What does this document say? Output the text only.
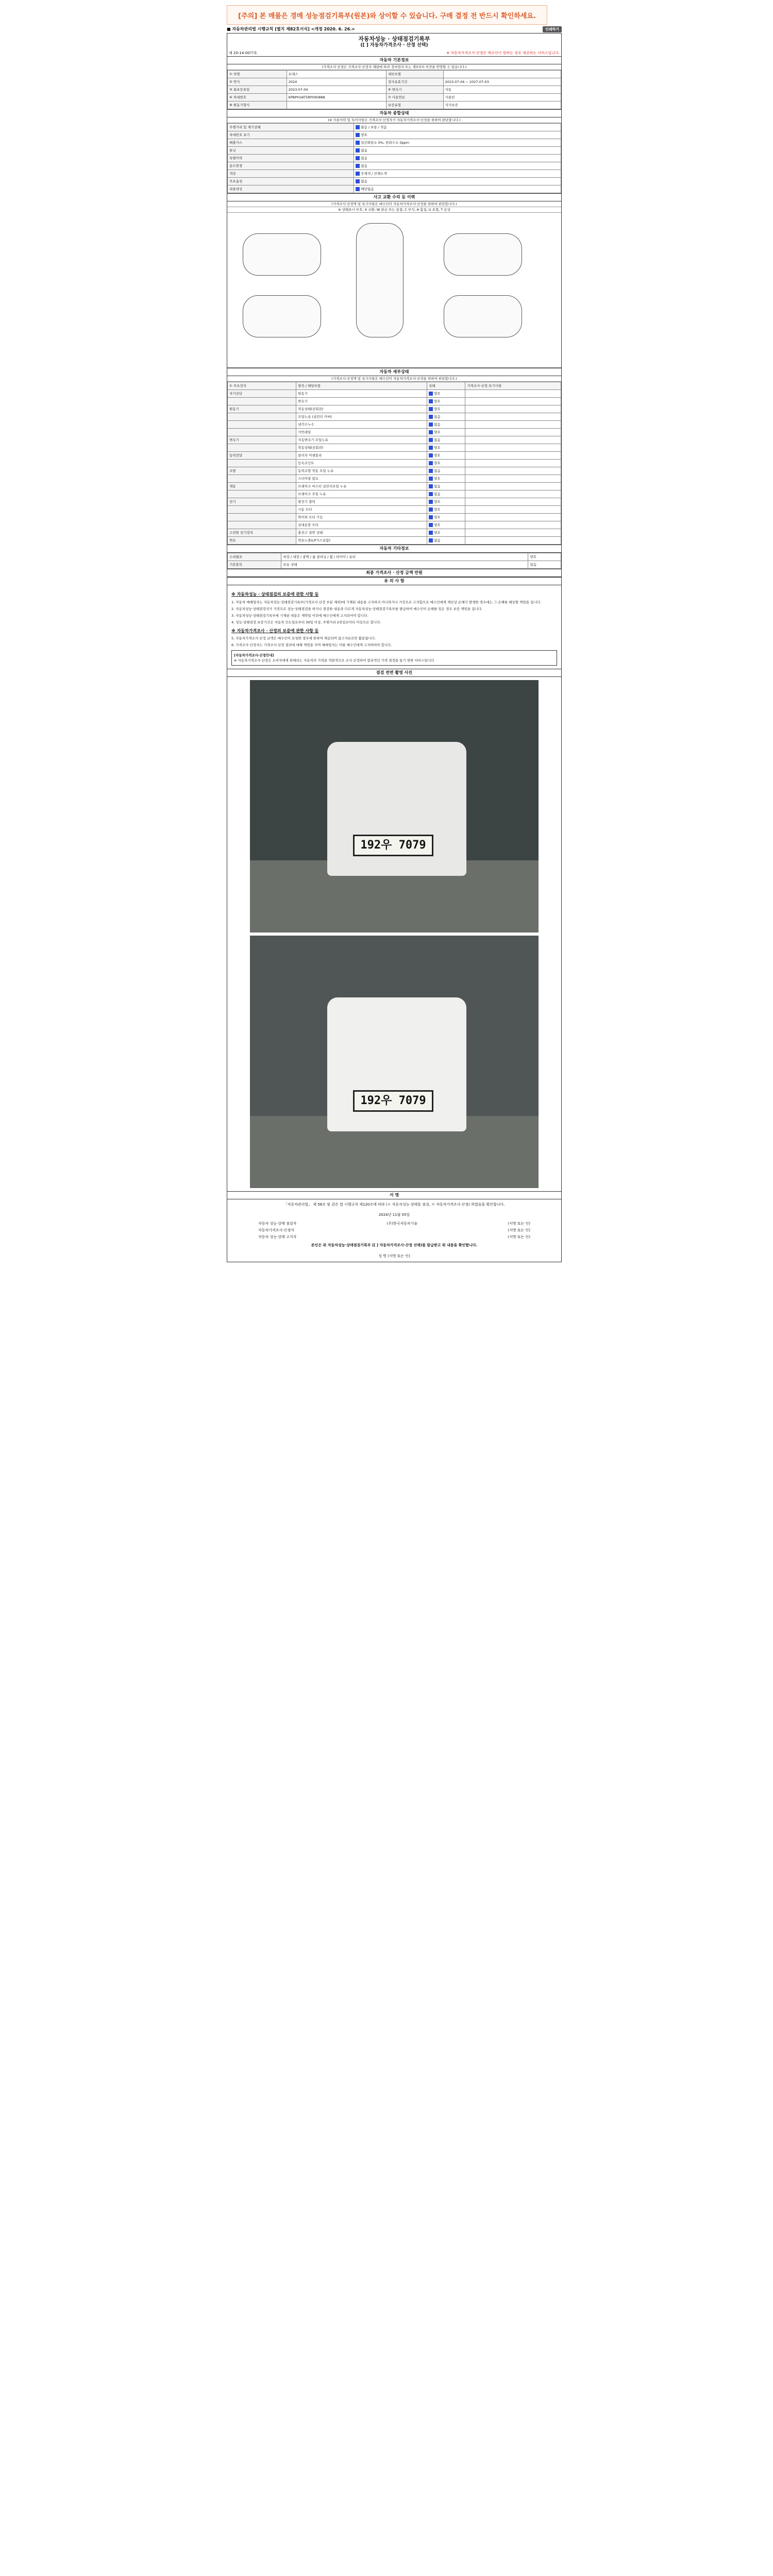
[주의] 본 매물은 경매 성능점검기록부(원본)와 상이할 수 있습니다. 구매 결정 전 반드시 확인하세요.
■ 자동차관리법 시행규칙 [별지 제82호서식] <개정 2020. 6. 26.>	인쇄하기
자동차성능 · 상태점검기록부
([ ] 자동차가격조사 · 산정 선택)
제 20-14-00??호	※ 자동차가격조사·산정은 매수인이 원하는 경우 제공하는 서비스입니다.
자동차 기본정보
(가격조사·산정은 가격조사·산정자 재량에 따라 정비업자 또는 제3자의 의견을 반영할 수 있습니다.)
① 차명	토레스	세부모델	
② 연식	2024	검사유효기간	2023-07-04 ~ 2027-07-03
③ 최초등록일	2023-07-04	⑥ 변속기	자동
④ 차대번호	KPBPH3AT5RP090888	⑦ 사용연료	가솔린
⑧ 원동기형식		보증유형	자가보증
자동차 종합상태
(※ 사용이력 및 특이사항은 가격조사·산정자가 자동차가격조사·산정을 위하여 판단합니다.)
주행거리 및 계기상태	많음 / 보통 / 적음
차대번호 표기	양호
배출가스	일산화탄소 0%, 탄화수소 0ppm
튜닝	없음
특별이력	없음
용도변경	없음
색상	무채색 / 전체도색
주요옵션	없음
리콜대상	해당없음
사고 교환 수리 등 이력
(가격조사·산정액 및 특기사항은 매수인이 자동차가격조사·산정을 위하여 판단합니다.)
※ 상태표시 부호: X 교환, W 판금 또는 용접, C 부식, A 흠집, U 요철, T 손상
자동차 세부상태
(가격조사·산정액 및 특기사항은 매수인이 자동차가격조사·산정을 위하여 판단합니다.)
① 주요장치	항목 / 해당부품	상태	가격조사·산정 특기사항
자기진단	원동기	양호	
	변속기	양호	
원동기	작동상태(공회전)	양호	
	오일누유 (실린더 커버)	없음	
	냉각수누수	없음	
	커먼레일	양호	
변속기	자동변속기 오일누유	없음	
	작동상태(공회전)	양호	
동력전달	클러치 어셈블리	양호	
	등속조인트	양호	
조향	동력조향 작동 오일 누유	없음	
	스티어링 펌프	양호	
제동	브레이크 마스터 실린더오일 누유	없음	
	브레이크 오일 누유	없음	
전기	발전기 출력	양호	
	시동 모터	양호	
	와이퍼 모터 기능	양호	
	실내송풍 모터	양호	
고전원 전기장치	충전구 절연 상태	양호	
연료	연료누출(LP가스포함)	없음	
자동차 기타정보
수리필요	외장 / 내장 / 광택 / 룸 클리닝 / 휠 / 타이어 / 유리	양호
기본품목	보유 상태	있음
최종 가격조사 · 산정 금액 만원
유 의 사 항
※ 자동차성능 · 상태점검의 보증에 관한 사항 등

1. 자동차 매매업자는 자동차성능·상태점검기록부(가격조사·산정 부분 제외)에 기재된 내용을 고지하지 아니하거나 거짓으로 고지함으로 매수인에게 재산상 손해가 발생한 경우에는 그 손해를 배상할 책임을 집니다.

2. 자동차성능·상태점검자가 거짓으로 성능·상태점검을 하거나 점검한 내용과 다르게 자동차성능·상태점검기록부를 발급하여 매수인이 손해를 입은 경우 보증 책임을 집니다.

3. 자동차성능·상태점검기록부에 기재된 내용은 계약일 이전에 매수인에게 고지되어야 합니다.

4. 성능·상태점검 보증기간은 자동차 인도일로부터 30일 이상, 주행거리 2천킬로미터 이상으로 합니다.

※ 자동차가격조사 · 산정의 보증에 관한 사항 등

5. 자동차가격조사·산정 금액은 매수인이 요청한 경우에 한하여 제공되며 참고자료로만 활용됩니다.

6. 가격조사·산정자는 가격조사·산정 결과에 대해 책임을 지며 매매업자는 이를 매수인에게 고지하여야 합니다.

[자동차가격조사·산정안내]
※ 자동차가격조사·산정은 소비자에게 판매되는 자동차의 가격을 객관적으로 조사·산정하여 합리적인 가격 결정을 돕기 위한 서비스입니다.
점검 전면 촬영 사진
192우 7079
192우 7079
서 명
「자동차관리법」 제 58조 및 같은 법 시행규칙 제120조에 따라 (ㅇ 자동차성능·상태를 점검, ㅁ 자동차가격조사·산정) 하였음을 확인합니다.
2024년 11월 05일
자동차 성능·상태 점검자	(주)한국자동차기술	(서명 또는 인)
자동차가격조사·산정자	(서명 또는 인)
자동차 성능·상태 고지자	(서명 또는 인)
본인은 위 자동차성능·상태점검기록부 ([ ] 자동차가격조사·산정 선택)를 발급받고 위 내용을 확인합니다.
성 명 (서명 또는 인)
